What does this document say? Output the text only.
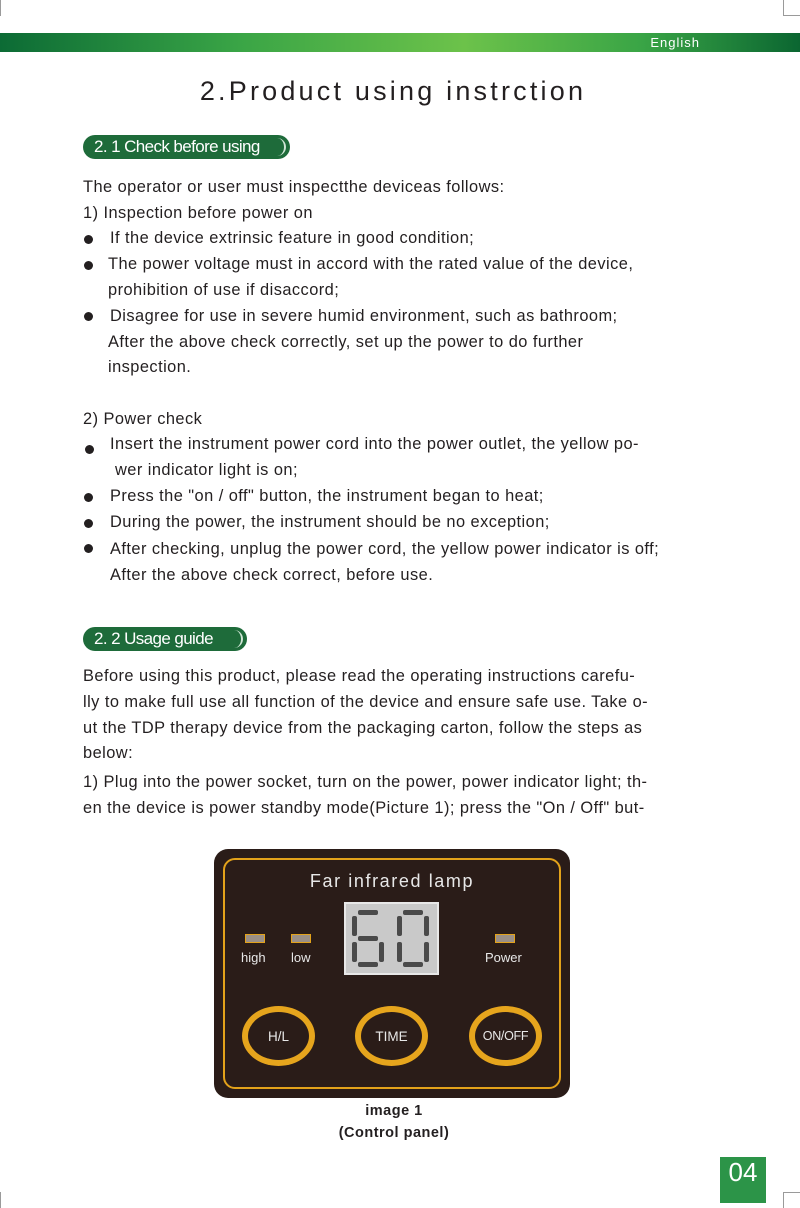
English
2.Product using instrction
2. 1 Check before using
The operator or user must inspectthe deviceas follows:
1) Inspection before power on
If the device extrinsic feature in good condition;
The power voltage must in accord with the rated value of the device,
prohibition of use if disaccord;
Disagree for use in severe humid environment, such as bathroom;
After the above check correctly, set up the power to do further
inspection.
2) Power check
Insert the instrument power cord into the power outlet, the yellow po-
wer indicator light is on;
Press the "on / off" button, the instrument began to heat;
During the power, the instrument should be no exception;
After checking, unplug the power cord, the yellow power indicator is off;
After the above check correct, before use.
2. 2 Usage guide
Before using this product, please read the operating instructions carefu-
lly to make full use all function of the device and ensure safe use. Take o-
ut the TDP therapy device from the packaging carton, follow the steps as
below:
1) Plug into the power socket, turn on the power, power indicator light; th-
en the device is power standby mode(Picture 1); press the "On / Off" but-
Far infrared lamp
high low	Power
H/L	TIME	ON/OFF
image 1
(Control panel)
04
